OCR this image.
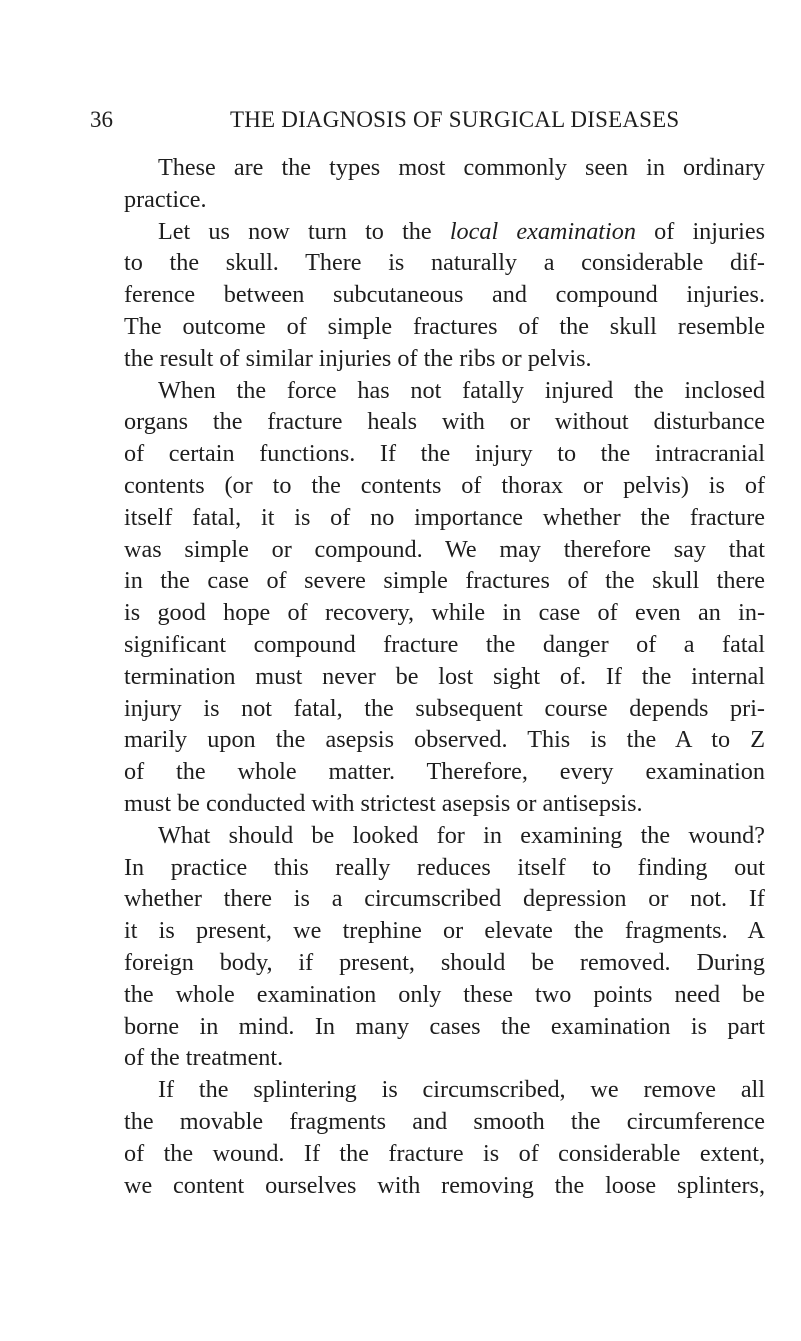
36	THE DIAGNOSIS OF SURGICAL DISEASES
These are the types most commonly seen in ordinary
practice.
Let us now turn to the local examination of injuries
to the skull. There is naturally a considerable dif-
ference between subcutaneous and compound injuries.
The outcome of simple fractures of the skull resemble
the result of similar injuries of the ribs or pelvis.
When the force has not fatally injured the inclosed
organs the fracture heals with or without disturbance
of certain functions. If the injury to the intracranial
contents (or to the contents of thorax or pelvis) is of
itself fatal, it is of no importance whether the fracture
was simple or compound. We may therefore say that
in the case of severe simple fractures of the skull there
is good hope of recovery, while in case of even an in-
significant compound fracture the danger of a fatal
termination must never be lost sight of. If the internal
injury is not fatal, the subsequent course depends pri-
marily upon the asepsis observed. This is the A to Z
of the whole matter. Therefore, every examination
must be conducted with strictest asepsis or antisepsis.
What should be looked for in examining the wound?
In practice this really reduces itself to finding out
whether there is a circumscribed depression or not. If
it is present, we trephine or elevate the fragments. A
foreign body, if present, should be removed. During
the whole examination only these two points need be
borne in mind. In many cases the examination is part
of the treatment.
If the splintering is circumscribed, we remove all
the movable fragments and smooth the circumference
of the wound. If the fracture is of considerable extent,
we content ourselves with removing the loose splinters,
